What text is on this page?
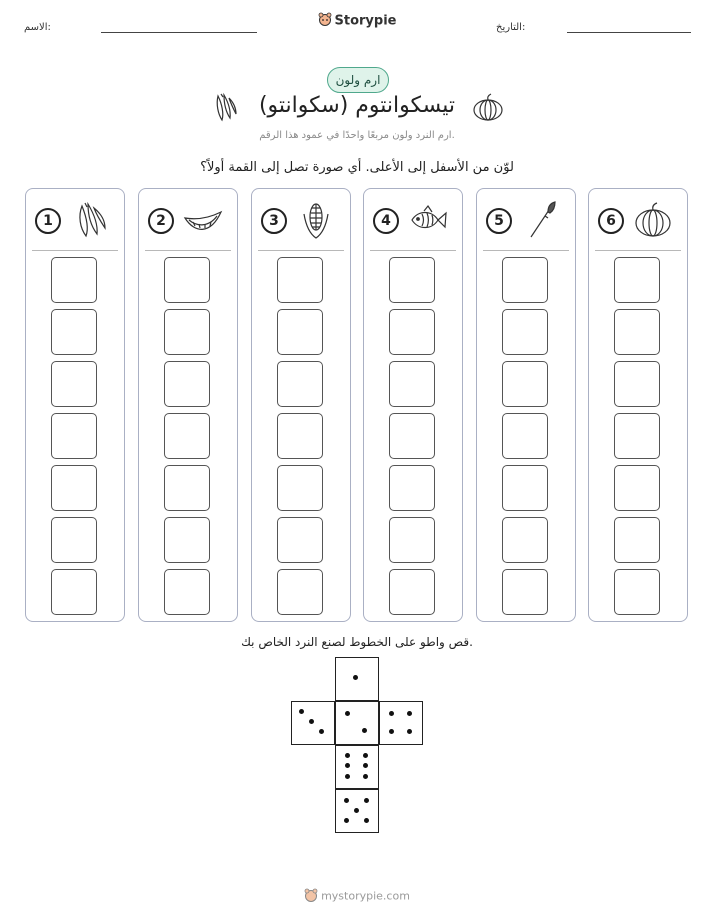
الاسم:	التاريخ:
Storypie
ارم ولون
تيسكوانتوم (سكوانتو)
ارم النرد ولون مربعًا واحدًا في عمود هذا الرقم.
لوّن من الأسفل إلى الأعلى. أي صورة تصل إلى القمة أولاً؟
1	2	3	4	5	6
قص واطو على الخطوط لصنع النرد الخاص بك.
mystorypie.com
